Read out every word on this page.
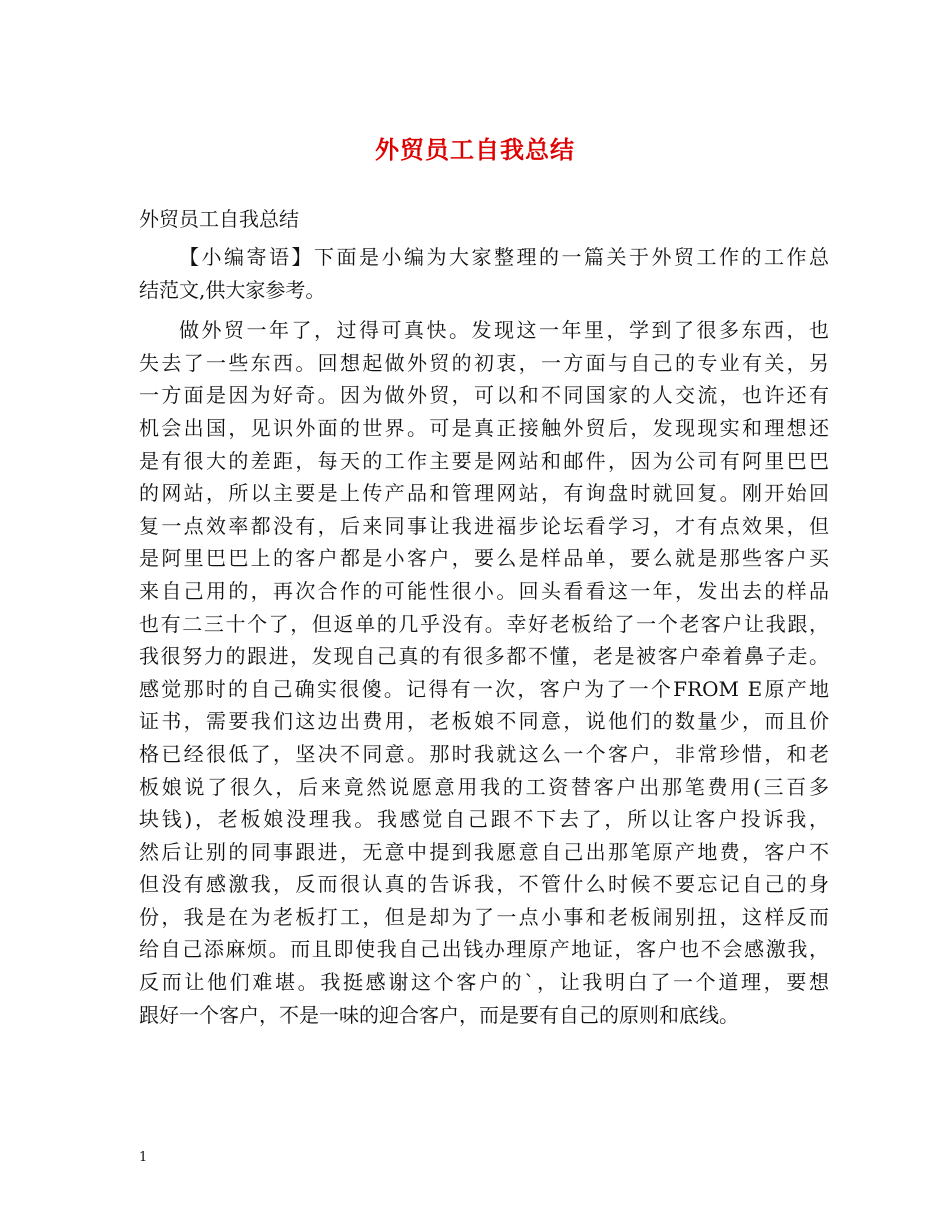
外贸员工自我总结
外贸员工自我总结
【小编寄语】下面是小编为大家整理的一篇关于外贸工作的工作总
结范文,供大家参考。
做外贸一年了，过得可真快。发现这一年里，学到了很多东西，也
失去了一些东西。回想起做外贸的初衷，一方面与自己的专业有关，另
一方面是因为好奇。因为做外贸，可以和不同国家的人交流，也许还有
机会出国，见识外面的世界。可是真正接触外贸后，发现现实和理想还
是有很大的差距，每天的工作主要是网站和邮件，因为公司有阿里巴巴
的网站，所以主要是上传产品和管理网站，有询盘时就回复。刚开始回
复一点效率都没有，后来同事让我进福步论坛看学习，才有点效果，但
是阿里巴巴上的客户都是小客户，要么是样品单，要么就是那些客户买
来自己用的，再次合作的可能性很小。回头看看这一年，发出去的样品
也有二三十个了，但返单的几乎没有。幸好老板给了一个老客户让我跟，
我很努力的跟进，发现自己真的有很多都不懂，老是被客户牵着鼻子走。
感觉那时的自己确实很傻。记得有一次，客户为了一个FROM E原产地
证书，需要我们这边出费用，老板娘不同意，说他们的数量少，而且价
格已经很低了，坚决不同意。那时我就这么一个客户，非常珍惜，和老
板娘说了很久，后来竟然说愿意用我的工资替客户出那笔费用(三百多
块钱)，老板娘没理我。我感觉自己跟不下去了，所以让客户投诉我，
然后让别的同事跟进，无意中提到我愿意自己出那笔原产地费，客户不
但没有感激我，反而很认真的告诉我，不管什么时候不要忘记自己的身
份，我是在为老板打工，但是却为了一点小事和老板闹别扭，这样反而
给自己添麻烦。而且即使我自己出钱办理原产地证，客户也不会感激我，
反而让他们难堪。我挺感谢这个客户的`，让我明白了一个道理，要想
跟好一个客户，不是一味的迎合客户，而是要有自己的原则和底线。
1
